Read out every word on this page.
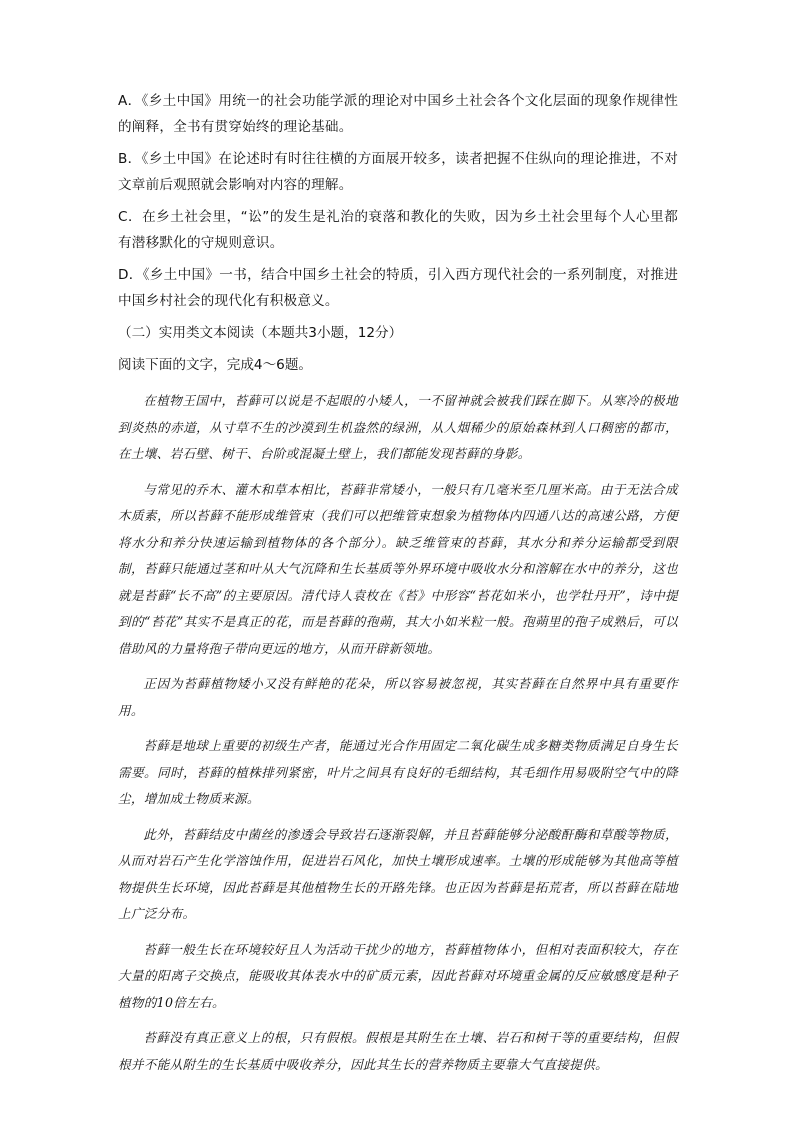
A．《乡土中国》用统一的社会功能学派的理论对中国乡土社会各个文化层面的现象作规律性的阐释，全书有贯穿始终的理论基础。

B．《乡土中国》在论述时有时往往横的方面展开较多，读者把握不住纵向的理论推进，不对文章前后观照就会影响对内容的理解。

C．在乡土社会里，“讼”的发生是礼治的衰落和教化的失败，因为乡土社会里每个人心里都有潜移默化的守规则意识。

D．《乡土中国》一书，结合中国乡土社会的特质，引入西方现代社会的一系列制度，对推进中国乡村社会的现代化有积极意义。

（二）实用类文本阅读（本题共3小题，12分）

阅读下面的文字，完成4～6题。

在植物王国中，苔藓可以说是不起眼的小矮人，一不留神就会被我们踩在脚下。从寒冷的极地到炎热的赤道，从寸草不生的沙漠到生机盎然的绿洲，从人烟稀少的原始森林到人口稠密的都市，在土壤、岩石壁、树干、台阶或混凝土壁上，我们都能发现苔藓的身影。

与常见的乔木、灌木和草本相比，苔藓非常矮小，一般只有几毫米至几厘米高。由于无法合成木质素，所以苔藓不能形成维管束（我们可以把维管束想象为植物体内四通八达的高速公路，方便将水分和养分快速运输到植物体的各个部分）。缺乏维管束的苔藓，其水分和养分运输都受到限制，苔藓只能通过茎和叶从大气沉降和生长基质等外界环境中吸收水分和溶解在水中的养分，这也就是苔藓“长不高”的主要原因。清代诗人袁枚在《苔》中形容“苔花如米小，也学牡丹开”，诗中提到的“苔花”其实不是真正的花，而是苔藓的孢蒴，其大小如米粒一般。孢蒴里的孢子成熟后，可以借助风的力量将孢子带向更远的地方，从而开辟新领地。

正因为苔藓植物矮小又没有鲜艳的花朵，所以容易被忽视，其实苔藓在自然界中具有重要作用。

苔藓是地球上重要的初级生产者，能通过光合作用固定二氧化碳生成多糖类物质满足自身生长需要。同时，苔藓的植株排列紧密，叶片之间具有良好的毛细结构，其毛细作用易吸附空气中的降尘，增加成土物质来源。

此外，苔藓结皮中菌丝的渗透会导致岩石逐渐裂解，并且苔藓能够分泌酸酐酶和草酸等物质，从而对岩石产生化学溶蚀作用，促进岩石风化，加快土壤形成速率。土壤的形成能够为其他高等植物提供生长环境，因此苔藓是其他植物生长的开路先锋。也正因为苔藓是拓荒者，所以苔藓在陆地上广泛分布。

苔藓一般生长在环境较好且人为活动干扰少的地方，苔藓植物体小，但相对表面积较大，存在大量的阳离子交换点，能吸收其体表水中的矿质元素，因此苔藓对环境重金属的反应敏感度是种子植物的10倍左右。

苔藓没有真正意义上的根，只有假根。假根是其附生在土壤、岩石和树干等的重要结构，但假根并不能从附生的生长基质中吸收养分，因此其生长的营养物质主要靠大气直接提供。
